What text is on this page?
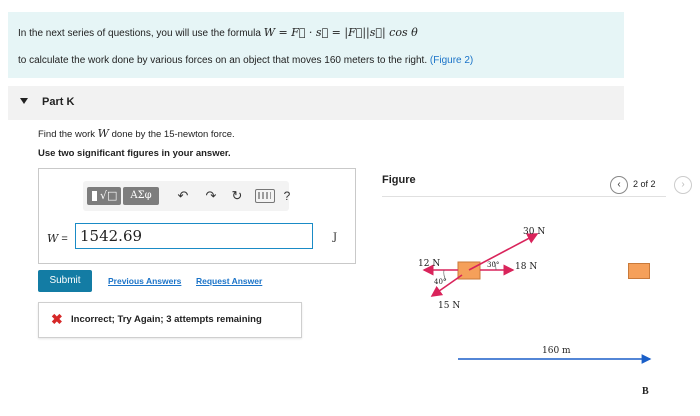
In the next series of questions, you will use the formula W = F⃗ · s⃗ = |F⃗||s⃗| cos θ
to calculate the work done by various forces on an object that moves 160 meters to the right. (Figure 2)
Part K
Find the work W done by the 15-newton force.
Use two significant figures in your answer.
√□	ΑΣφ	↶ ↷ ↻	?
W = 1542.69	J
Submit	Previous Answers Request Answer
✖ Incorrect; Try Again; 3 attempts remaining
Figure	‹	2 of 2	›
30 N
18 N
12 N
15 N
30°
40°
160 m
B
